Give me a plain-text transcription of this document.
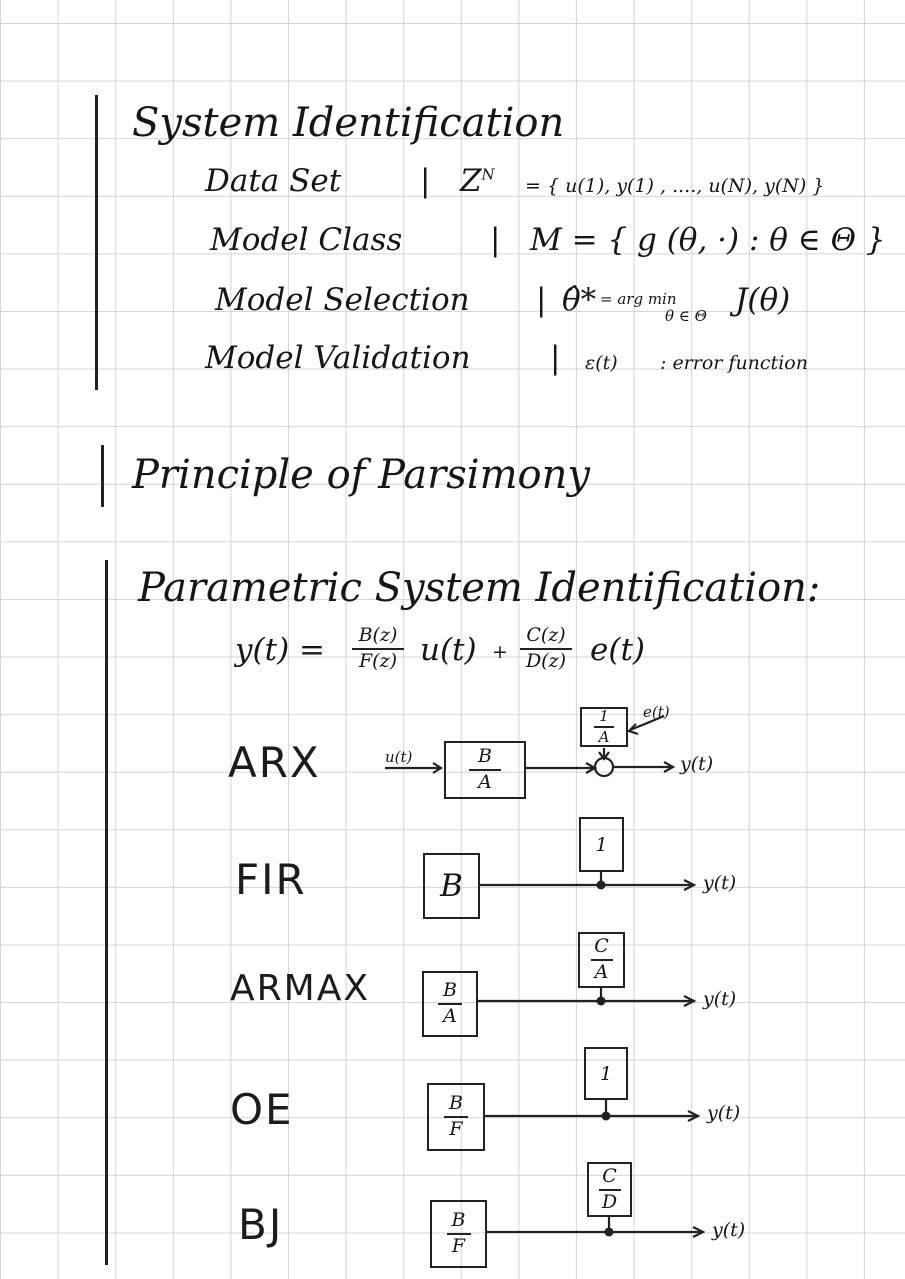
System Identification
Data Set	| $Z^N$
= { u(1), y(1) , ...., u(N), y(N) }
Model Class	| M = { g (θ, ·) : θ ∈ Θ }
Model Selection | θ̂* = arg min
θ ∈ Θ J(θ)
Model Validation	| ε(t) : error function
Principle of Parsimony
Parametric System Identification:
y(t) = B(z)
F(z) u(t) +
C(z)
D(z) e(t)
ARX	u(t)	$\frac{B}{A}$
$\frac{1}{A} e(t)$
y(t)
FIR	B
1
y(t)
ARMAX	$\frac{B}{A}$
$\frac{C}{A}$
y(t)
OE	$\frac{B}{F}$
1
y(t)
BJ	$\frac{B}{F}$
$\frac{C}{D}$
y(t)
